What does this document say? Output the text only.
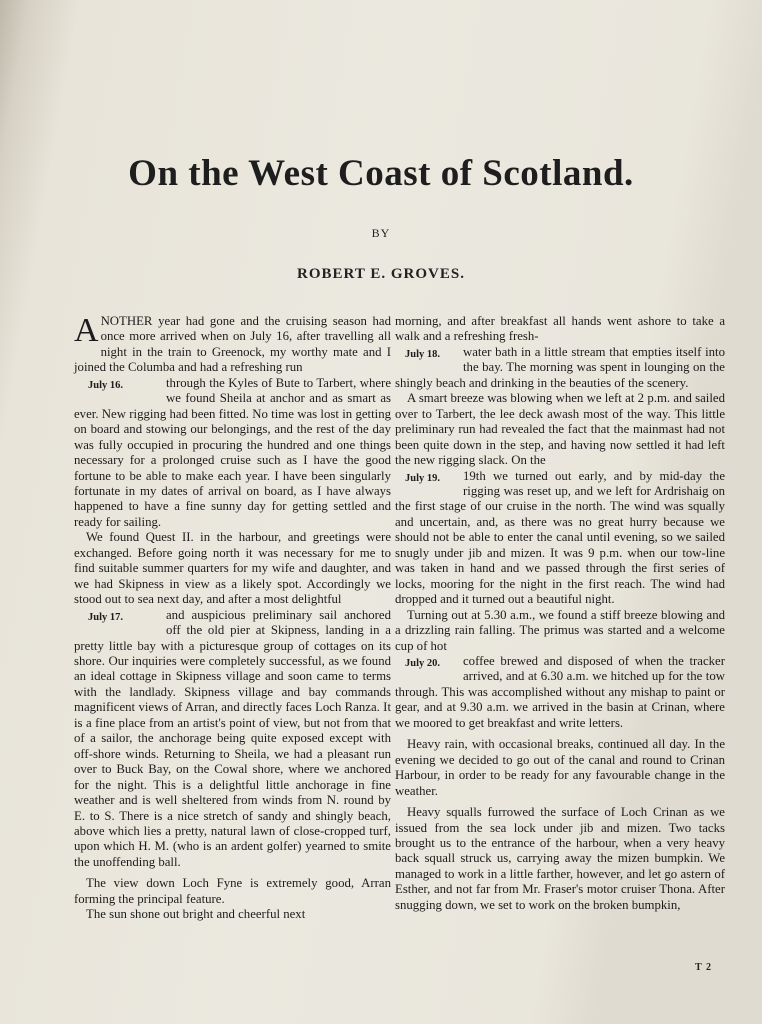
On the West Coast of Scotland.
BY
ROBERT E. GROVES.

ANOTHER year had gone and the cruising season had once more arrived when on July 16, after travelling all night in the train to Greenock, my worthy mate and I joined the Columba and had a refreshing run

July 16.	through the Kyles of Bute to Tarbert, where we found Sheila at anchor and as smart as ever. New rigging had been fitted. No time was lost in getting on board and stowing our belongings, and the rest of the day was fully occupied in procuring the hundred and one things necessary for a prolonged cruise such as I have the good fortune to be able to make each year. I have been singularly fortunate in my dates of arrival on board, as I have always happened to have a fine sunny day for getting settled and ready for sailing.

We found Quest II. in the harbour, and greetings were exchanged. Before going north it was necessary for me to find suitable summer quarters for my wife and daughter, and we had Skipness in view as a likely spot. Accordingly we stood out to sea next day, and after a most delightful

July 17.	and auspicious preliminary sail anchored off the old pier at Skipness, landing in a pretty little bay with a picturesque group of cottages on its shore. Our inquiries were completely successful, as we found an ideal cottage in Skipness village and soon came to terms with the landlady. Skipness village and bay commands magnificent views of Arran, and directly faces Loch Ranza. It is a fine place from an artist's point of view, but not from that of a sailor, the anchorage being quite exposed except with off-shore winds. Returning to Sheila, we had a pleasant run over to Buck Bay, on the Cowal shore, where we anchored for the night. This is a delightful little anchorage in fine weather and is well sheltered from winds from N. round by E. to S. There is a nice stretch of sandy and shingly beach, above which lies a pretty, natural lawn of close-cropped turf, upon which H. M. (who is an ardent golfer) yearned to smite the unoffending ball.

The view down Loch Fyne is extremely good, Arran forming the principal feature.

The sun shone out bright and cheerful next

morning, and after breakfast all hands went ashore to take a walk and a refreshing fresh-

July 18.	water bath in a little stream that empties itself into the bay. The morning was spent in lounging on the shingly beach and drinking in the beauties of the scenery.

A smart breeze was blowing when we left at 2 p.m. and sailed over to Tarbert, the lee deck awash most of the way. This little preliminary run had revealed the fact that the mainmast had not been quite down in the step, and having now settled it had left the new rigging slack. On the

July 19.	19th we turned out early, and by mid-day the rigging was reset up, and we left for Ardrishaig on the first stage of our cruise in the north. The wind was squally and uncertain, and, as there was no great hurry because we should not be able to enter the canal until evening, so we sailed snugly under jib and mizen. It was 9 p.m. when our tow-line was taken in hand and we passed through the first series of locks, mooring for the night in the first reach. The wind had dropped and it turned out a beautiful night.

Turning out at 5.30 a.m., we found a stiff breeze blowing and a drizzling rain falling. The primus was started and a welcome cup of hot

July 20.	coffee brewed and disposed of when the tracker arrived, and at 6.30 a.m. we hitched up for the tow through. This was accomplished without any mishap to paint or gear, and at 9.30 a.m. we arrived in the basin at Crinan, where we moored to get breakfast and write letters.

Heavy rain, with occasional breaks, continued all day. In the evening we decided to go out of the canal and round to Crinan Harbour, in order to be ready for any favourable change in the weather.

Heavy squalls furrowed the surface of Loch Crinan as we issued from the sea lock under jib and mizen. Two tacks brought us to the entrance of the harbour, when a very heavy back squall struck us, carrying away the mizen bumpkin. We managed to work in a little farther, however, and let go astern of Esther, and not far from Mr. Fraser's motor cruiser Thona. After snugging down, we set to work on the broken bumpkin,

T 2
